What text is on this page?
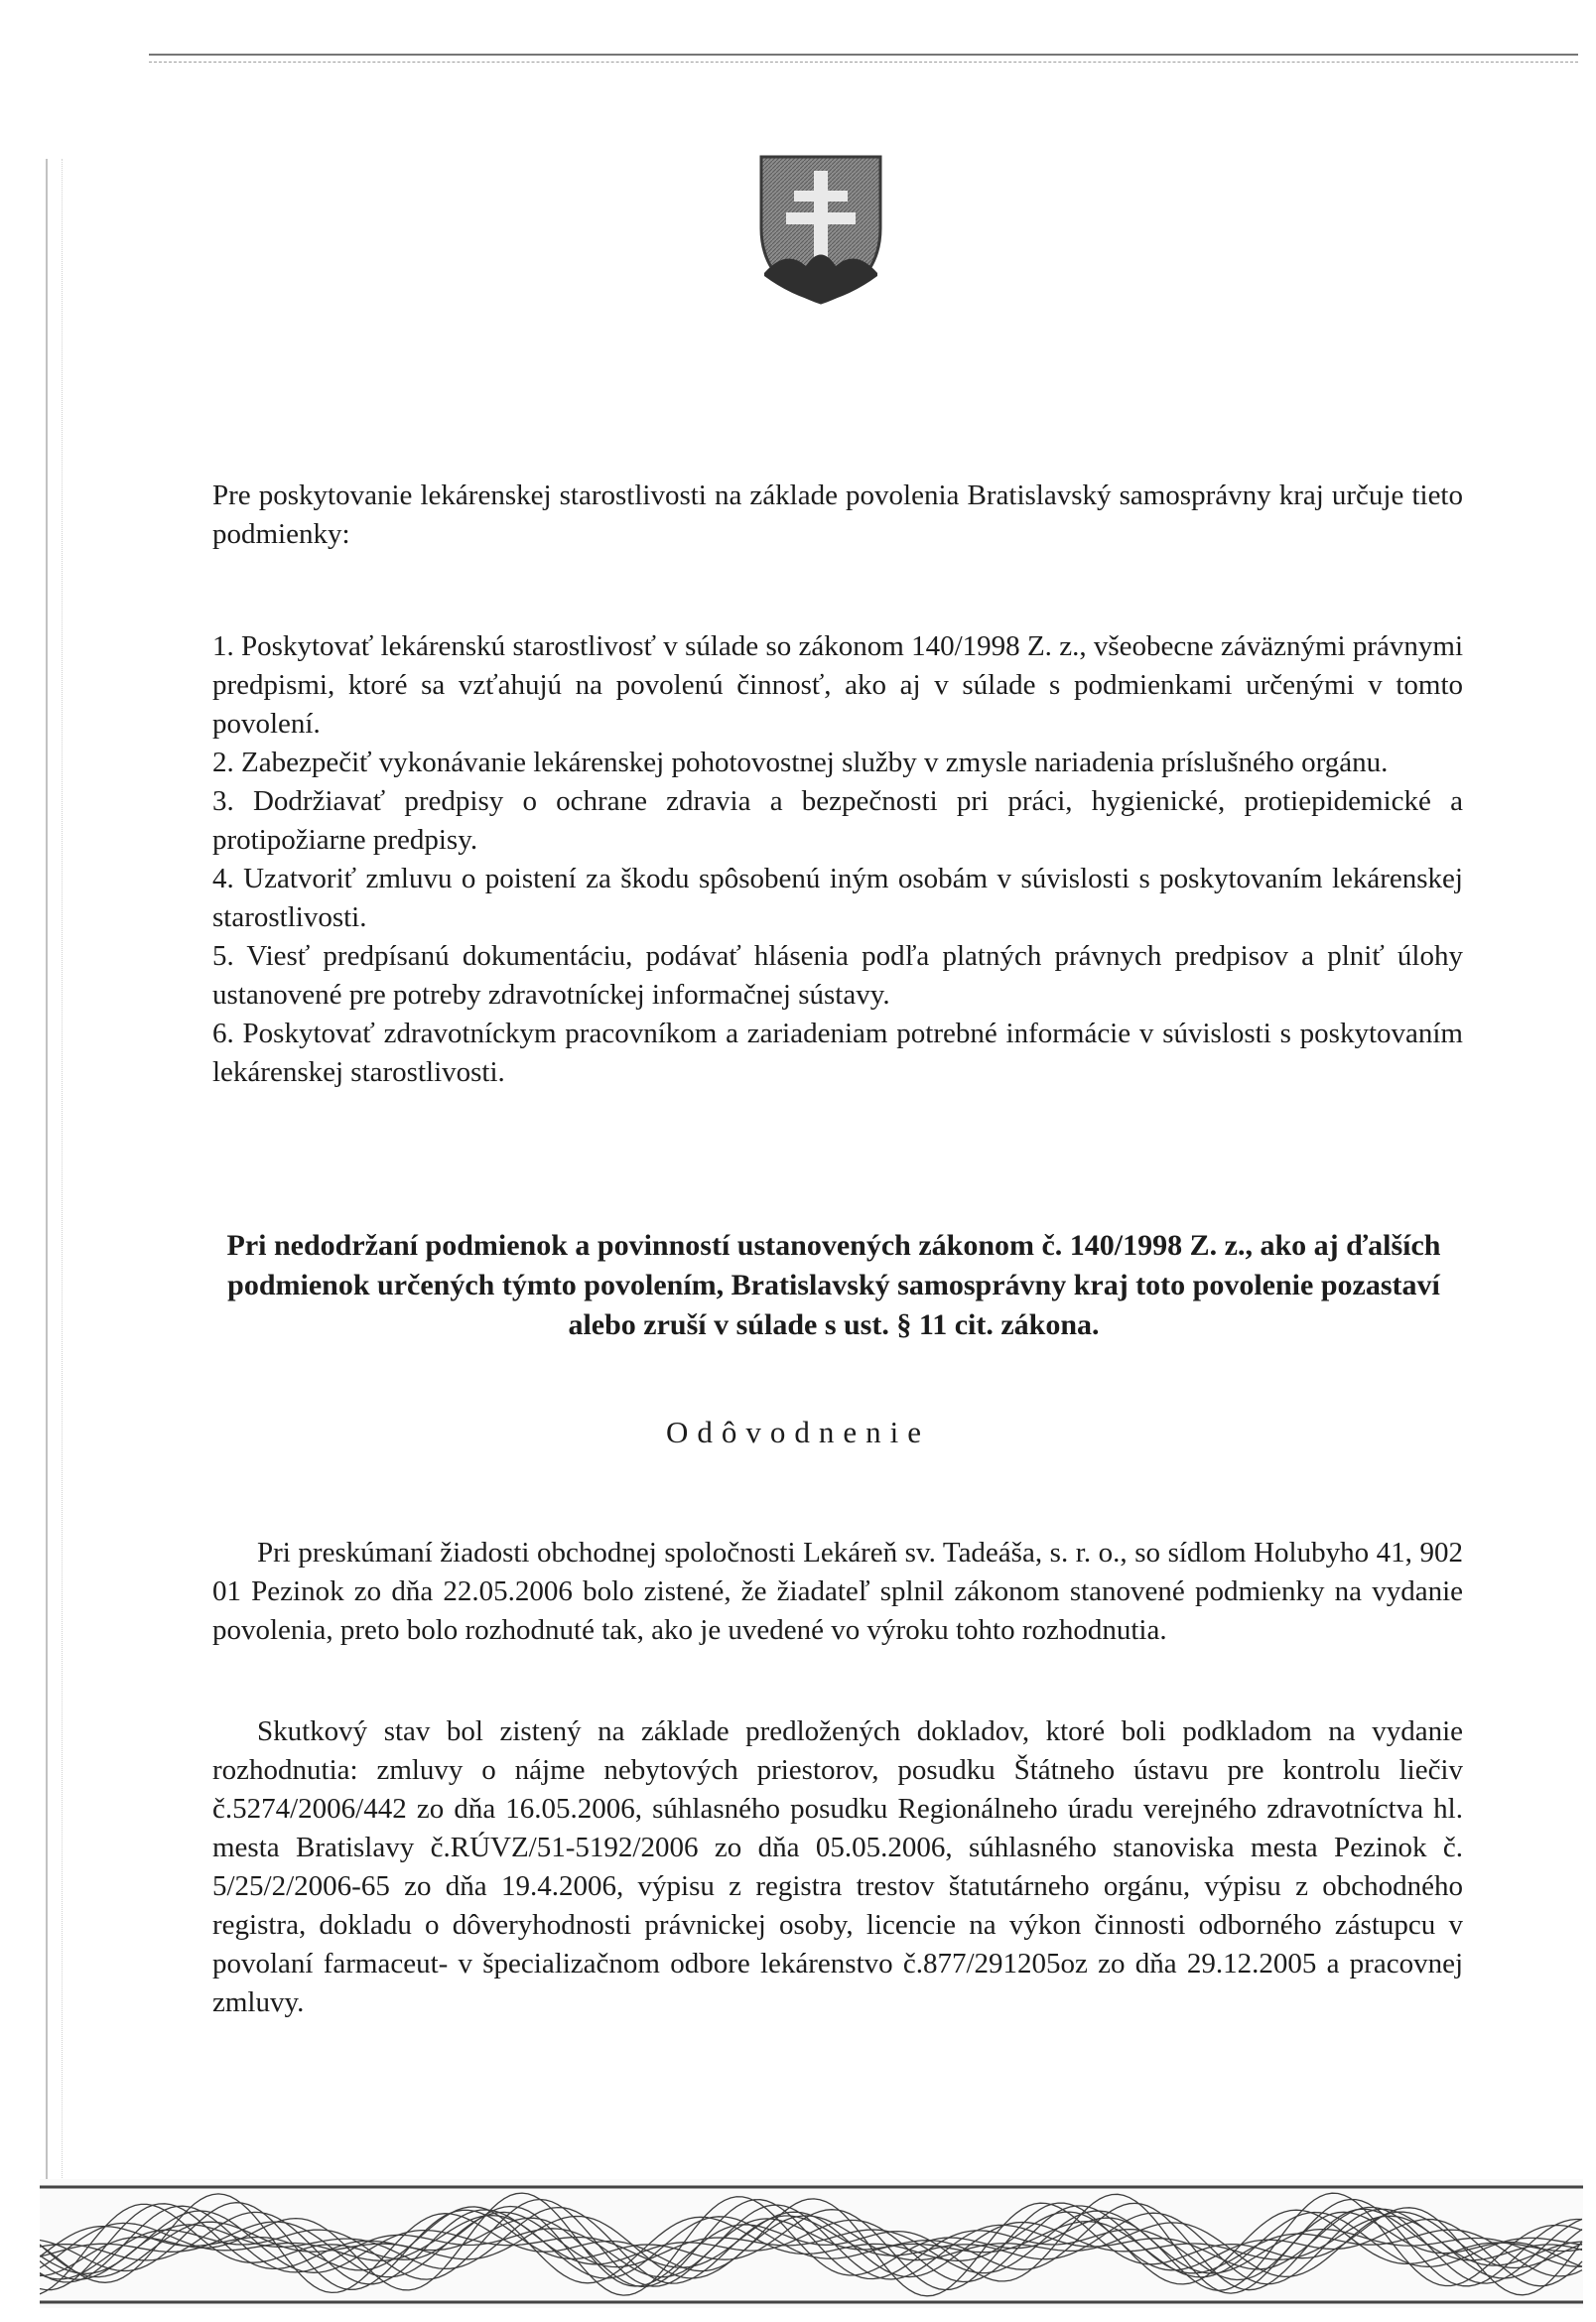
Pre poskytovanie lekárenskej starostlivosti na základe povolenia Bratislavský samosprávny kraj určuje tieto podmienky:

1. Poskytovať lekárenskú starostlivosť v súlade so zákonom 140/1998 Z. z., všeobecne záväznými právnymi predpismi, ktoré sa vzťahujú na povolenú činnosť, ako aj v súlade s podmienkami určenými v tomto povolení.
2. Zabezpečiť vykonávanie lekárenskej pohotovostnej služby v zmysle nariadenia príslušného orgánu.
3. Dodržiavať predpisy o ochrane zdravia a bezpečnosti pri práci, hygienické, protiepidemické a protipožiarne predpisy.
4. Uzatvoriť zmluvu o poistení za škodu spôsobenú iným osobám v súvislosti s poskytovaním lekárenskej starostlivosti.
5. Viesť predpísanú dokumentáciu, podávať hlásenia podľa platných právnych predpisov a plniť úlohy ustanovené pre potreby zdravotníckej informačnej sústavy.
6. Poskytovať zdravotníckym pracovníkom a zariadeniam potrebné informácie v súvislosti s poskytovaním lekárenskej starostlivosti.
Pri nedodržaní podmienok a povinností ustanovených zákonom č. 140/1998 Z. z., ako aj ďalších podmienok určených týmto povolením, Bratislavský samosprávny kraj toto povolenie pozastaví alebo zruší v súlade s ust. § 11 cit. zákona.
Odôvodnenie

Pri preskúmaní žiadosti obchodnej spoločnosti Lekáreň sv. Tadeáša, s. r. o., so sídlom Holubyho 41, 902 01 Pezinok zo dňa 22.05.2006 bolo zistené, že žiadateľ splnil zákonom stanovené podmienky na vydanie povolenia, preto bolo rozhodnuté tak, ako je uvedené vo výroku tohto rozhodnutia.

Skutkový stav bol zistený na základe predložených dokladov, ktoré boli podkladom na vydanie rozhodnutia: zmluvy o nájme nebytových priestorov, posudku Štátneho ústavu pre kontrolu liečiv č.5274/2006/442 zo dňa 16.05.2006, súhlasného posudku Regionálneho úradu verejného zdravotníctva hl. mesta Bratislavy č.RÚVZ/51-5192/2006 zo dňa 05.05.2006, súhlasného stanoviska mesta Pezinok č. 5/25/2/2006-65 zo dňa 19.4.2006, výpisu z registra trestov štatutárneho orgánu, výpisu z obchodného registra, dokladu o dôveryhodnosti právnickej osoby, licencie na výkon činnosti odborného zástupcu v povolaní farmaceut- v špecializačnom odbore lekárenstvo č.877/291205oz zo dňa 29.12.2005 a pracovnej zmluvy.
